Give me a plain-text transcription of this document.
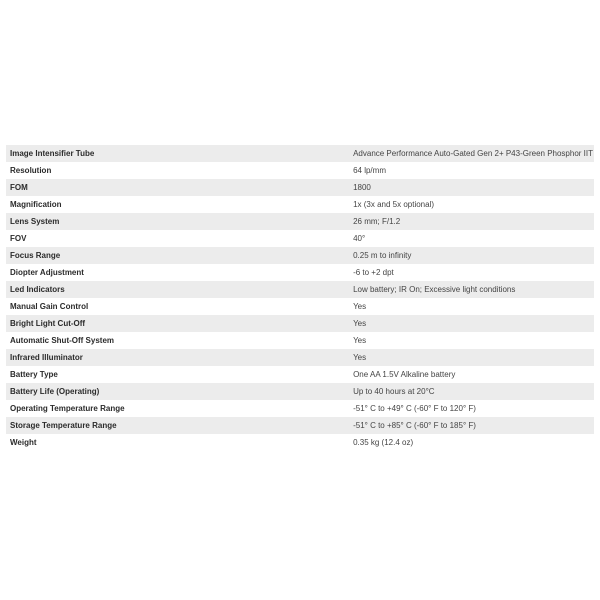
Image Intensifier Tube	Advance Performance Auto-Gated Gen 2+ P43-Green Phosphor IIT
Resolution	64 lp/mm
FOM	1800
Magnification	1x (3x and 5x optional)
Lens System	26 mm; F/1.2
FOV	40°
Focus Range	0.25 m to infinity
Diopter Adjustment	-6 to +2 dpt
Led Indicators	Low battery; IR On; Excessive light conditions
Manual Gain Control	Yes
Bright Light Cut-Off	Yes
Automatic Shut-Off System	Yes
Infrared Illuminator	Yes
Battery Type	One AA 1.5V Alkaline battery
Battery Life (Operating)	Up to 40 hours at 20°C
Operating Temperature Range	-51° C to +49° C (-60° F to 120° F)
Storage Temperature Range	-51° C to +85° C (-60° F to 185° F)
Weight	0.35 kg (12.4 oz)
